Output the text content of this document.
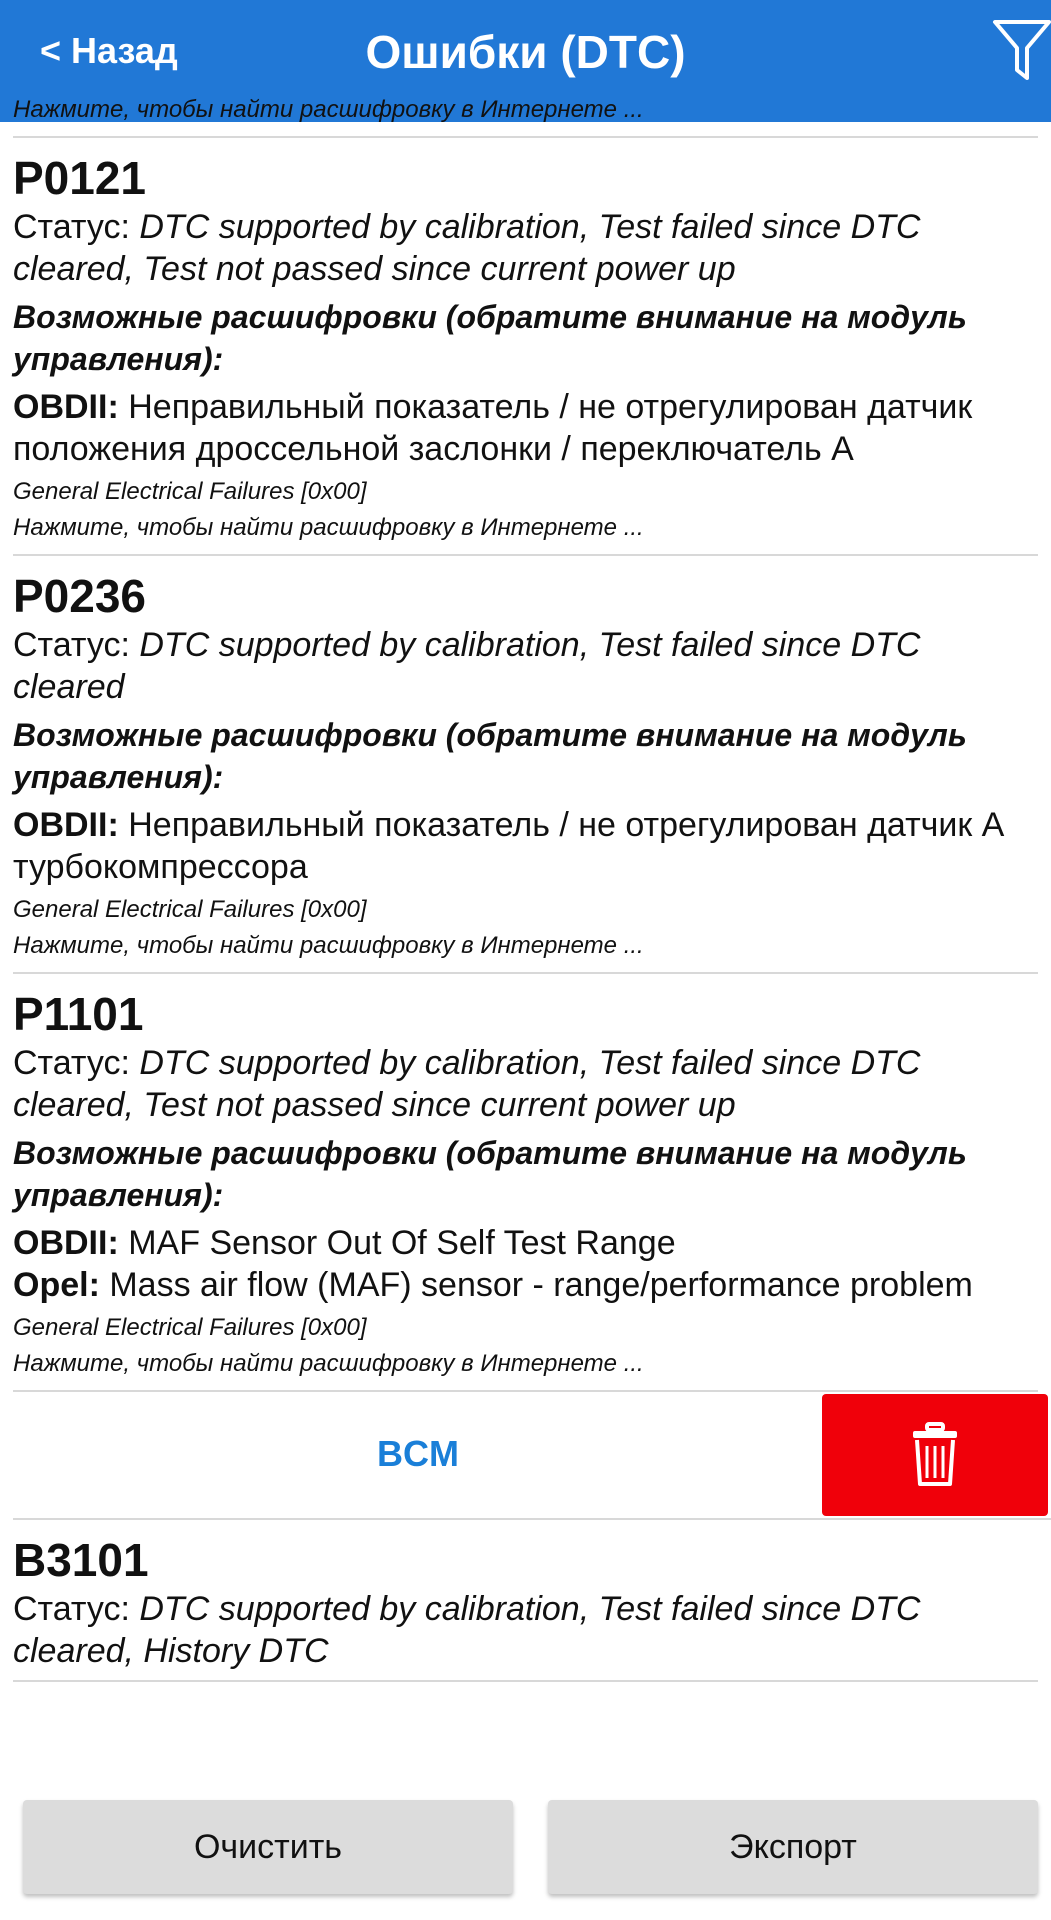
< Назад	Ошибки (DTC)
Нажмите, чтобы найти расшифровку в Интернете ...
P0121
Статус: DTC supported by calibration, Test failed since DTC cleared, Test not passed since current power up
Возможные расшифровки (обратите внимание на модуль управления):
OBDII: Неправильный показатель / не отрегулирован датчик положения дроссельной заслонки / переключатель A
General Electrical Failures [0x00]
Нажмите, чтобы найти расшифровку в Интернете ...
P0236
Статус: DTC supported by calibration, Test failed since DTC cleared
Возможные расшифровки (обратите внимание на модуль управления):
OBDII: Неправильный показатель / не отрегулирован датчик A турбокомпрессора
General Electrical Failures [0x00]
Нажмите, чтобы найти расшифровку в Интернете ...
P1101
Статус: DTC supported by calibration, Test failed since DTC cleared, Test not passed since current power up
Возможные расшифровки (обратите внимание на модуль управления):
OBDII: MAF Sensor Out Of Self Test Range
Opel: Mass air flow (MAF) sensor - range/performance problem
General Electrical Failures [0x00]
Нажмите, чтобы найти расшифровку в Интернете ...
BCM
B3101
Статус: DTC supported by calibration, Test failed since DTC cleared, History DTC
Очистить	Экспорт
